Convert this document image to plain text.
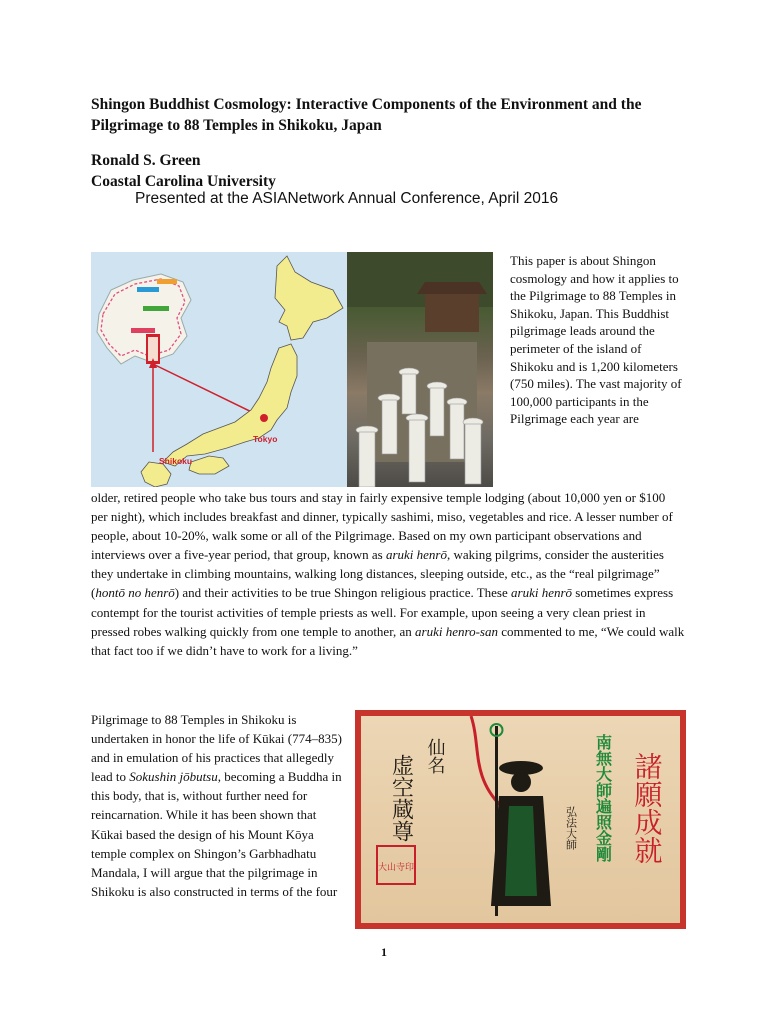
Shingon Buddhist Cosmology: Interactive Components of the Environment and the Pilgrimage to 88 Temples in Shikoku, Japan
Ronald S. Green
Coastal Carolina University
Presented at the ASIANetwork Annual Conference, April 2016
Tokyo
Shikoku

This paper is about Shingon cosmology and how it applies to the Pilgrimage to 88 Temples in Shikoku, Japan. This Buddhist pilgrimage leads around the perimeter of the island of Shikoku and is 1,200 kilometers (750 miles). The vast majority of 100,000 participants in the Pilgrimage each year are

older, retired people who take bus tours and stay in fairly expensive temple lodging (about 10,000 yen or $100 per night), which includes breakfast and dinner, typically sashimi, miso, vegetables and rice. A lesser number of people, about 10-20%, walk some or all of the Pilgrimage. Based on my own participant observations and interviews over a five-year period, that group, known as aruki henrō, waking pilgrims, consider the austerities they undertake in climbing mountains, walking long distances, sleeping outside, etc., as the “real pilgrimage” (hontō no henrō) and their activities to be true Shingon religious practice. These aruki henrō sometimes express contempt for the tourist activities of temple priests as well. For example, upon seeing a very clean priest in pressed robes walking quickly from one temple to another, an aruki henro-san commented to me, “We could walk that fact too if we didn’t have to work for a living.”

Pilgrimage to 88 Temples in Shikoku is undertaken in honor the life of Kūkai (774–835) and in emulation of his practices that allegedly lead to Sokushin jōbutsu, becoming a Buddha in this body, that is, without further need for reincarnation. While it has been shown that Kūkai based the design of his Mount Kōya temple complex on Shingon’s Garbhadhatu Mandala, I will argue that the pilgrimage in Shikoku is also constructed in terms of the four

虚空蔵尊 仙名
大山寺印
弘法大師 南無大師遍照金剛 諸願成就
1
